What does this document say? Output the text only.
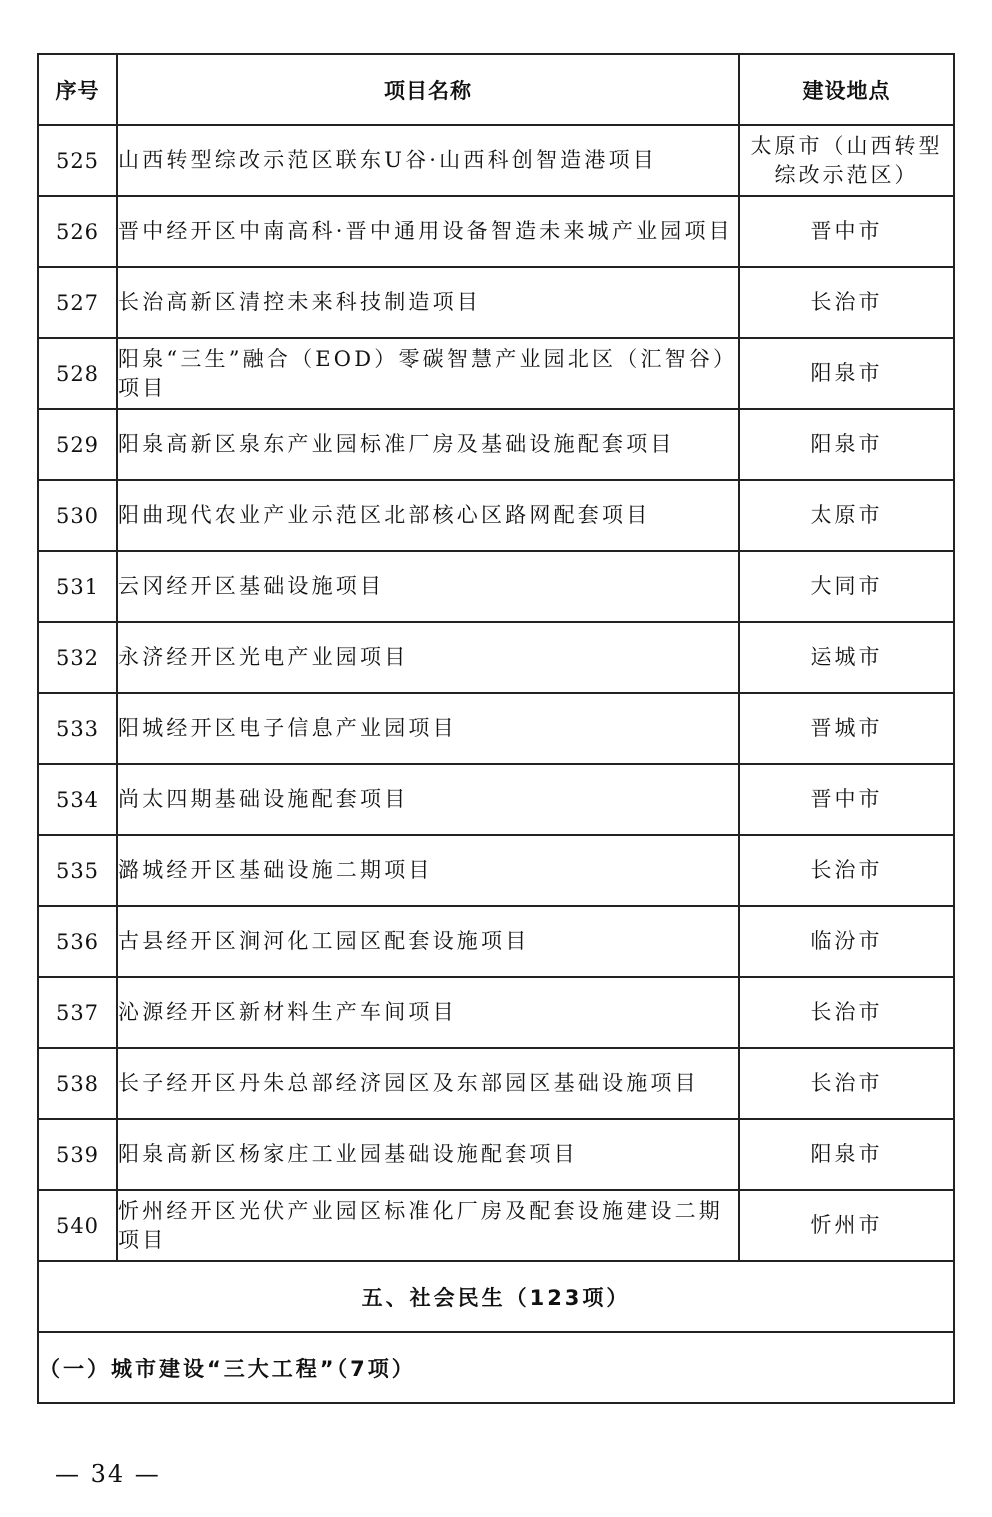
序号	项目名称	建设地点
525	山西转型综改示范区联东U谷·山西科创智造港项目	太原市（山西转型综改示范区）
526	晋中经开区中南高科·晋中通用设备智造未来城产业园项目	晋中市
527	长治高新区清控未来科技制造项目	长治市
528	阳泉“三生”融合（EOD）零碳智慧产业园北区（汇智谷）项目	阳泉市
529	阳泉高新区泉东产业园标准厂房及基础设施配套项目	阳泉市
530	阳曲现代农业产业示范区北部核心区路网配套项目	太原市
531	云冈经开区基础设施项目	大同市
532	永济经开区光电产业园项目	运城市
533	阳城经开区电子信息产业园项目	晋城市
534	尚太四期基础设施配套项目	晋中市
535	潞城经开区基础设施二期项目	长治市
536	古县经开区涧河化工园区配套设施项目	临汾市
537	沁源经开区新材料生产车间项目	长治市
538	长子经开区丹朱总部经济园区及东部园区基础设施项目	长治市
539	阳泉高新区杨家庄工业园基础设施配套项目	阳泉市
540	忻州经开区光伏产业园区标准化厂房及配套设施建设二期项目	忻州市
五、社会民生（123项）		
（一）城市建设“三大工程”（7项）		
— 34 —
